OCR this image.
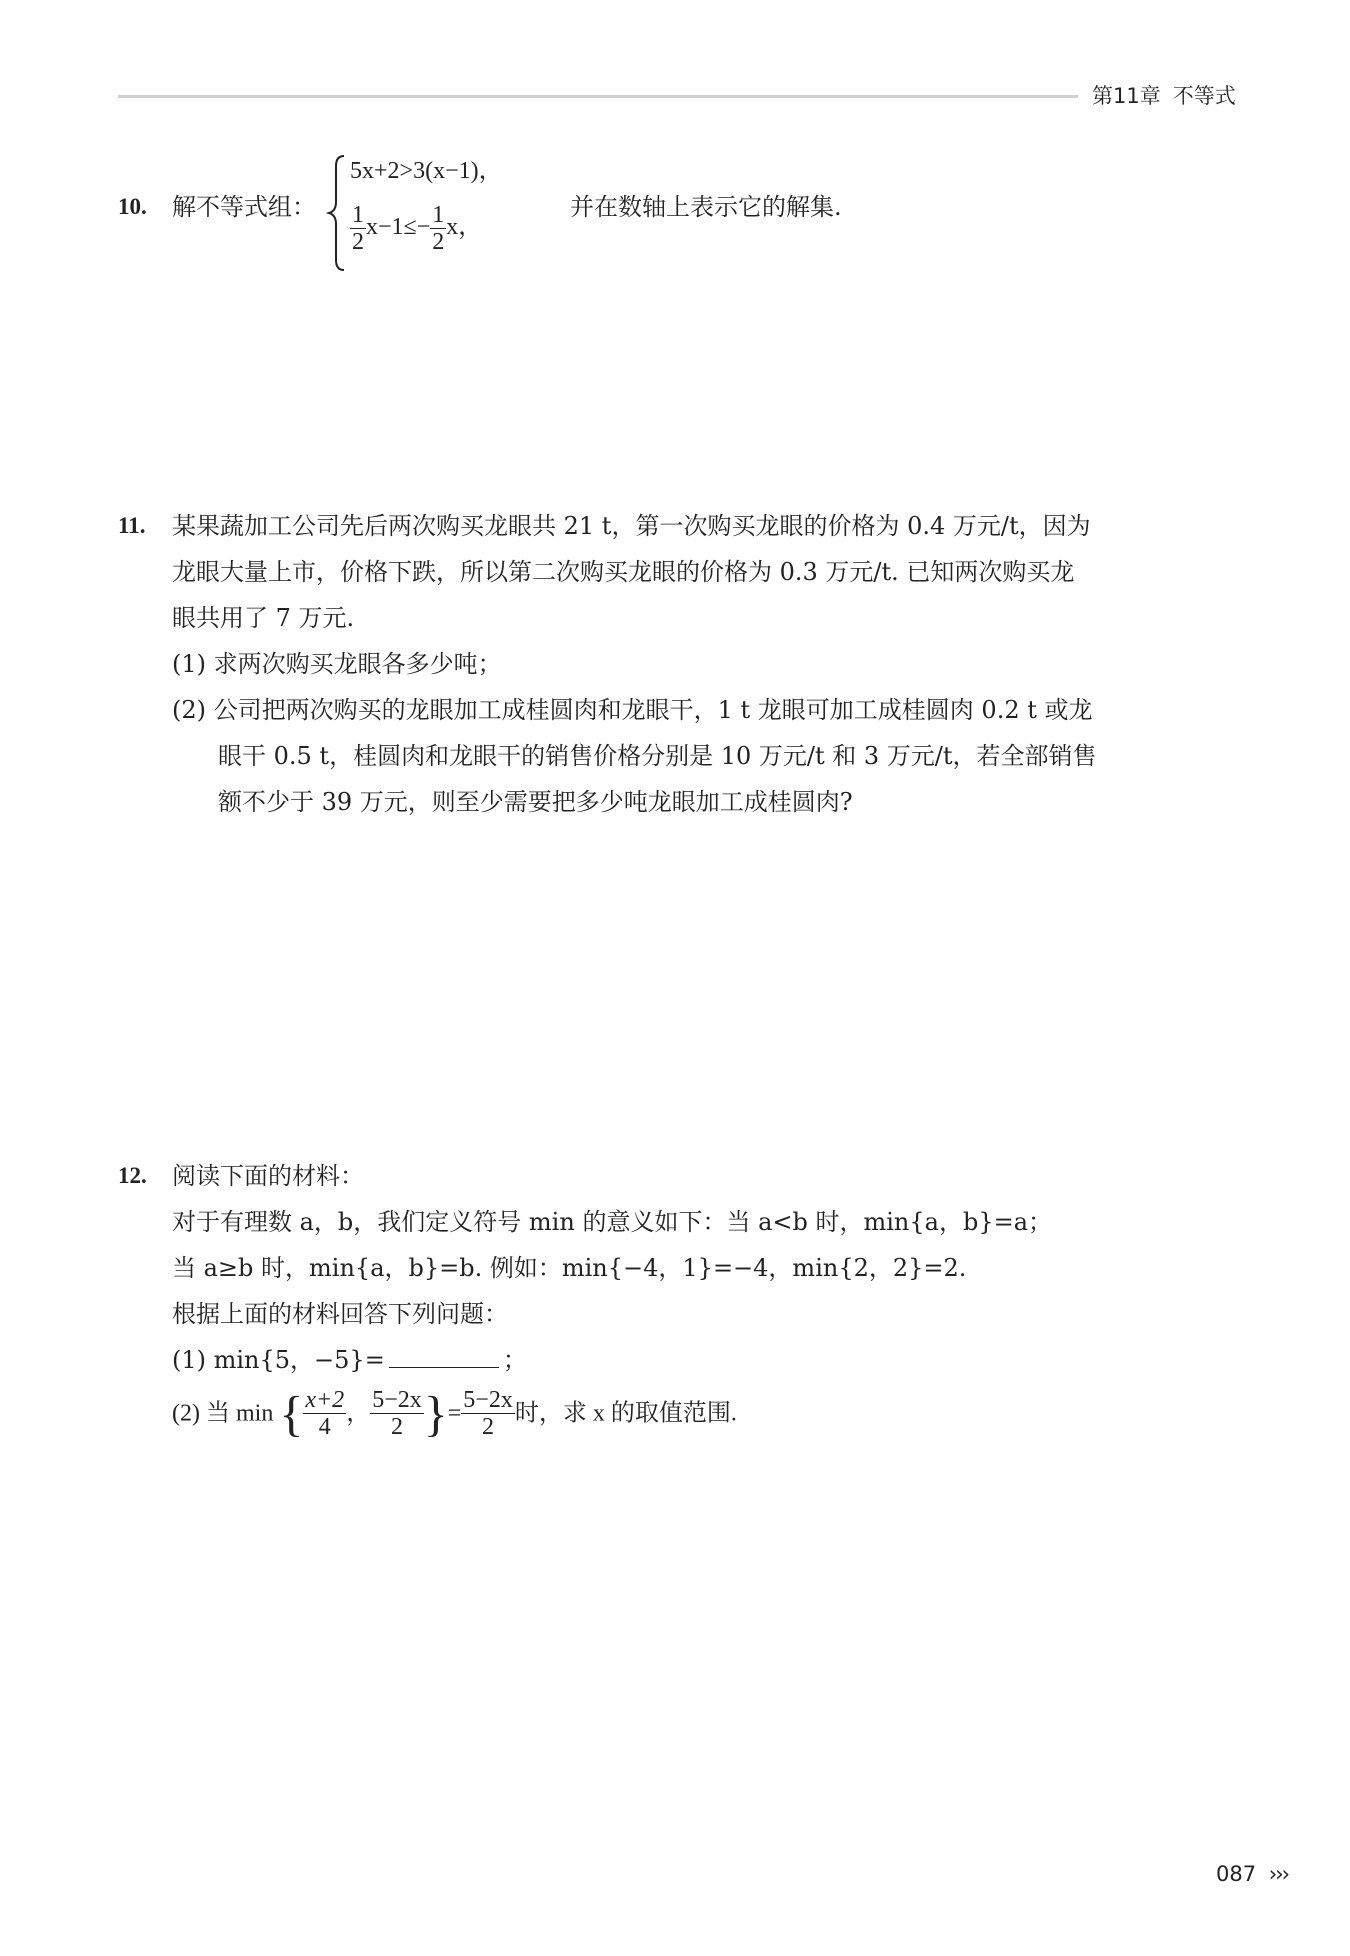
第11章 不等式
10. 解不等式组：
5x+2>3(x−1)，
$\frac{1}{2} x-1\le- \frac{1}{2}$ x，
并在数轴上表示它的解集.
11. 某果蔬加工公司先后两次购买龙眼共 21 t，第一次购买龙眼的价格为 0.4 万元/t，因为
龙眼大量上市，价格下跌，所以第二次购买龙眼的价格为 0.3 万元/t. 已知两次购买龙
眼共用了 7 万元.
(1) 求两次购买龙眼各多少吨；
(2) 公司把两次购买的龙眼加工成桂圆肉和龙眼干，1 t 龙眼可加工成桂圆肉 0.2 t 或龙
眼干 0.5 t，桂圆肉和龙眼干的销售价格分别是 10 万元/t 和 3 万元/t，若全部销售
额不少于 39 万元，则至少需要把多少吨龙眼加工成桂圆肉?
12. 阅读下面的材料：
对于有理数 a，b，我们定义符号 min 的意义如下：当 a<b 时，min{a，b}=a；
当 a≥b 时，min{a，b}=b. 例如：min{−4，1}=−4，min{2，2}=2.
根据上面的材料回答下列问题：
(1) min{5，−5}=	；
(2) 当 min { $\frac{x+2}{4}$ ， $\frac{5-2x}{2}$ }= $\frac{5-2x}{2}$ 时，求 x 的取值范围.
087 ›››
